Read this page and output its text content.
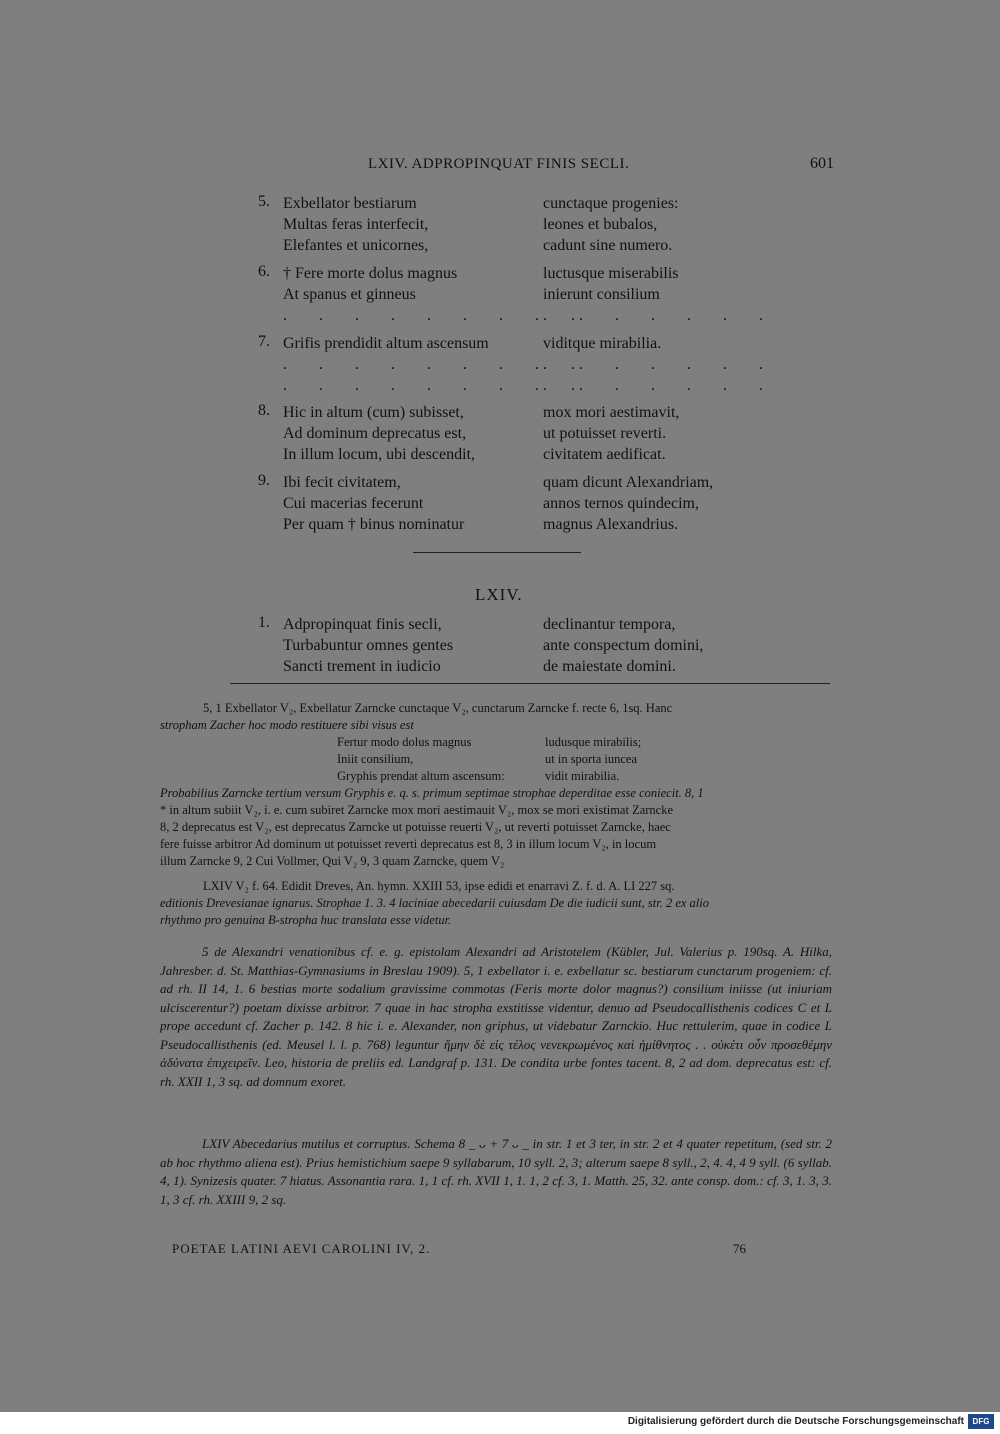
LXIV. ADPROPINQUAT FINIS SECLI.	601
5. Exbellator bestiarum	cunctaque progenies:
Multas feras interfecit,	leones et bubalos,
Elefantes et unicornes,	cadunt sine numero.
6. † Fere morte dolus magnus	luctusque miserabilis
At spanus et ginneus	inierunt consilium
. . . . . . . . .
. . . . . . .
7. Grifis prendidit altum ascensum	viditque mirabilia.
. . . . . . . . .
. . . . . . .
. . . . . . . . .
. . . . . . .
8. Hic in altum (cum) subisset,	mox mori aestimavit,
Ad dominum deprecatus est,	ut potuisset reverti.
In illum locum, ubi descendit,	civitatem aedificat.
9. Ibi fecit civitatem,	quam dicunt Alexandriam,
Cui macerias fecerunt	annos ternos quindecim,
Per quam † binus nominatur	magnus Alexandrius.
LXIV.
1. Adpropinquat finis secli,	declinantur tempora,
Turbabuntur omnes gentes	ante conspectum domini,
Sancti trement in iudicio	de maiestate domini.
5, 1 Exbellator V₂, Exbellatur Zarncke cunctaque V₂, cunctarum Zarncke f. recte 6, 1sq. Hanc
stropham Zacher hoc modo restituere sibi visus est
Fertur modo dolus magnus	ludusque mirabilis;
Iniit consilium,	ut in sporta iuncea
Gryphis prendat altum ascensum:	vidit mirabilia.
Probabilius Zarncke tertium versum Gryphis e. q. s. primum septimae strophae deperditae esse coniecit. 8, 1
* in altum subiit V₂, i. e. cum subiret Zarncke mox mori aestimauit V₂, mox se mori existimat Zarncke
8, 2 deprecatus est V₂, est deprecatus Zarncke ut potuisse reuerti V₂, ut reverti potuisset Zarncke, haec
fere fuisse arbitror Ad dominum ut potuisset reverti deprecatus est 8, 3 in illum locum V₂, in locum
illum Zarncke 9, 2 Cui Vollmer, Qui V₂ 9, 3 quam Zarncke, quem V₂
LXIV V₂ f. 64. Edidit Dreves, An. hymn. XXIII 53, ipse edidi et enarravi Z. f. d. A. LI 227 sq.
editionis Drevesianae ignarus. Strophae 1. 3. 4 laciniae abecedarii cuiusdam De die iudicii sunt, str. 2 ex alio
rhythmo pro genuina B-stropha huc translata esse videtur.

5 de Alexandri venationibus cf. e. g. epistolam Alexandri ad Aristotelem (Kübler, Jul. Valerius p. 190sq. A. Hilka, Jahresber. d. St. Matthias-Gymnasiums in Breslau 1909). 5, 1 exbellator i. e. exbellatur sc. bestiarum cunctarum progeniem: cf. ad rh. II 14, 1. 6 bestias morte sodalium gravissime commotas (Feris morte dolor magnus?) consilium iniisse (ut iniuriam ulciscerentur?) poetam dixisse arbitror. 7 quae in hac stropha exstitisse videntur, denuo ad Pseudocallisthenis codices C et L prope accedunt cf. Zacher p. 142. 8 hic i. e. Alexander, non griphus, ut videbatur Zarnckio. Huc rettulerim, quae in codice L Pseudocallisthenis (ed. Meusel l. l. p. 768) leguntur ἤμην δὲ εἰς τέλος νενεκρωμένος καὶ ἡμίθνητος . . οὐκέτι οὖν προσεθέμην ἀδύνατα ἐπιχειρεῖν. Leo, historia de preliis ed. Landgraf p. 131. De condita urbe fontes tacent. 8, 2 ad dom. deprecatus est: cf. rh. XXII 1, 3 sq. ad domnum exoret.

LXIV Abecedarius mutilus et corruptus. Schema 8 _ ᴗ + 7 ᴗ _ in str. 1 et 3 ter, in str. 2 et 4 quater repetitum, (sed str. 2 ab hoc rhythmo aliena est). Prius hemistichium saepe 9 syllabarum, 10 syll. 2, 3; alterum saepe 8 syll., 2, 4. 4, 4 9 syll. (6 syllab. 4, 1). Synizesis quater. 7 hiatus. Assonantia rara. 1, 1 cf. rh. XVII 1, 1. 1, 2 cf. 3, 1. Matth. 25, 32. ante consp. dom.: cf. 3, 1. 3, 3. 1, 3 cf. rh. XXIII 9, 2 sq.

POETAE LATINI AEVI CAROLINI IV, 2.	76
Digitalisierung gefördert durch die Deutsche Forschungsgemeinschaft	DFG
